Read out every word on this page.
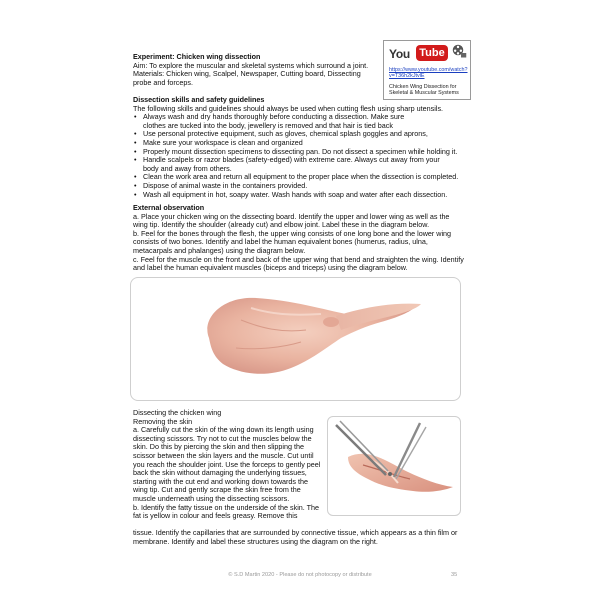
Experiment: Chicken wing dissection
Aim: To explore the muscular and skeletal systems which surround a joint.
Materials: Chicken wing, Scalpel, Newspaper, Cutting board, Dissecting
probe and forceps.
You Tube
https://www.youtube.com/watch?v=T36h2kJtvlE
Chicken Wing Dissection for Skeletal & Muscular Systems
Dissection skills and safety guidelines
The following skills and guidelines should always be used when cutting flesh using sharp utensils.
• Always wash and dry hands thoroughly before conducting a dissection. Make sure clothes are tucked into the body, jewellery is removed and that hair is tied back
• Use personal protective equipment, such as gloves, chemical splash goggles and aprons,
• Make sure your workspace is clean and organized
• Properly mount dissection specimens to dissecting pan. Do not dissect a specimen while holding it.
• Handle scalpels or razor blades (safety-edged) with extreme care. Always cut away from your body and away from others.
• Clean the work area and return all equipment to the proper place when the dissection is completed.
• Dispose of animal waste in the containers provided.
• Wash all equipment in hot, soapy water. Wash hands with soap and water after each dissection.
External observation
a. Place your chicken wing on the dissecting board. Identify the upper and lower wing as well as the wing tip. Identify the shoulder (already cut) and elbow joint. Label these in the diagram below.
b. Feel for the bones through the flesh, the upper wing consists of one long bone and the lower wing consists of two bones. Identify and label the human equivalent bones (humerus, radius, ulna, metacarpals and phalanges) using the diagram below.
c. Feel for the muscle on the front and back of the upper wing that bend and straighten the wing. Identify and label the human equivalent muscles (biceps and triceps) using the diagram below.
Dissecting the chicken wing
Removing the skin
a. Carefully cut the skin of the wing down its length using dissecting scissors. Try not to cut the muscles below the skin. Do this by piercing the skin and then slipping the scissor between the skin layers and the muscle. Cut until you reach the shoulder joint. Use the forceps to gently peel back the skin without damaging the underlying tissues, starting with the cut end and working down towards the wing tip. Cut and gently scrape the skin free from the muscle underneath using the dissecting scissors.
b. Identify the fatty tissue on the underside of the skin. The fat is yellow in colour and feels greasy. Remove this
tissue. Identify the capillaries that are surrounded by connective tissue, which appears as a thin film or membrane. Identify and label these structures using the diagram on the right.
© S.D Martin 2020 - Please do not photocopy or distribute	35
